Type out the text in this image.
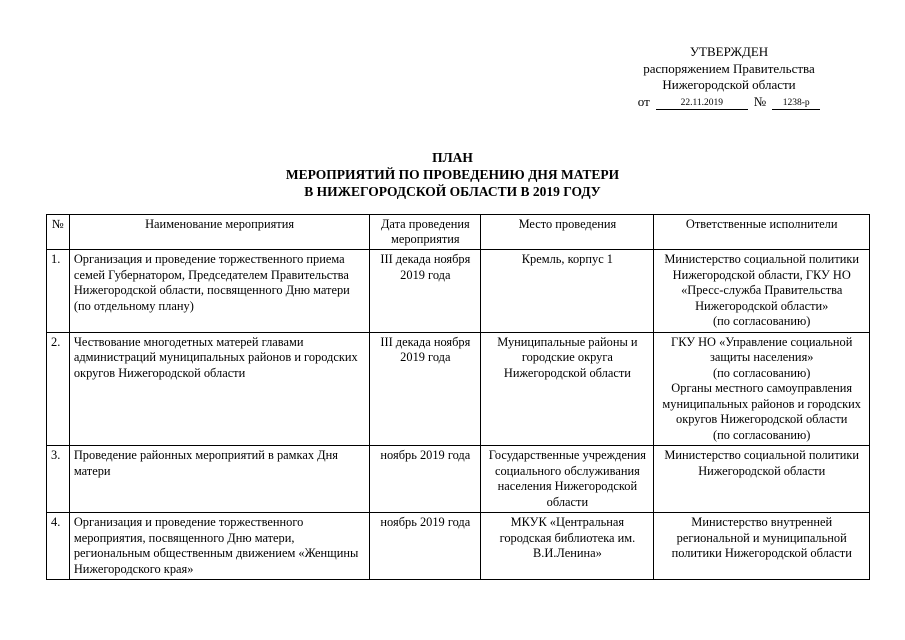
УТВЕРЖДЕН
распоряжением Правительства
Нижегородской области
от	22.11.2019	№	1238-р
ПЛАН
МЕРОПРИЯТИЙ ПО ПРОВЕДЕНИЮ ДНЯ МАТЕРИ
В НИЖЕГОРОДСКОЙ ОБЛАСТИ В 2019 ГОДУ
№	Наименование мероприятия	Дата проведения мероприятия	Место проведения	Ответственные исполнители
1.	Организация и проведение торжественного приема семей Губернатором, Председателем Правительства Нижегородской области, посвященного Дню матери (по отдельному плану)	III декада ноября 2019 года	Кремль, корпус 1	Министерство социальной политики Нижегородской области, ГКУ НО «Пресс-служба Правительства Нижегородской области»
(по согласованию)

2.	Чествование многодетных матерей главами администраций муниципальных районов и городских округов Нижегородской области	III декада ноября 2019 года	Муниципальные районы и городские округа Нижегородской области	ГКУ НО «Управление социальной защиты населения»
(по согласованию)
Органы местного самоуправления муниципальных районов и городских округов Нижегородской области
(по согласованию)

3.	Проведение районных мероприятий в рамках Дня матери	ноябрь 2019 года	Государственные учреждения социального обслуживания населения Нижегородской области	Министерство социальной политики Нижегородской области

4.	Организация и проведение торжественного мероприятия, посвященного Дню матери, региональным общественным движением «Женщины Нижегородского края»	ноябрь 2019 года	МКУК «Центральная городская библиотека им. В.И.Ленина»	Министерство внутренней региональной и муниципальной политики Нижегородской области
